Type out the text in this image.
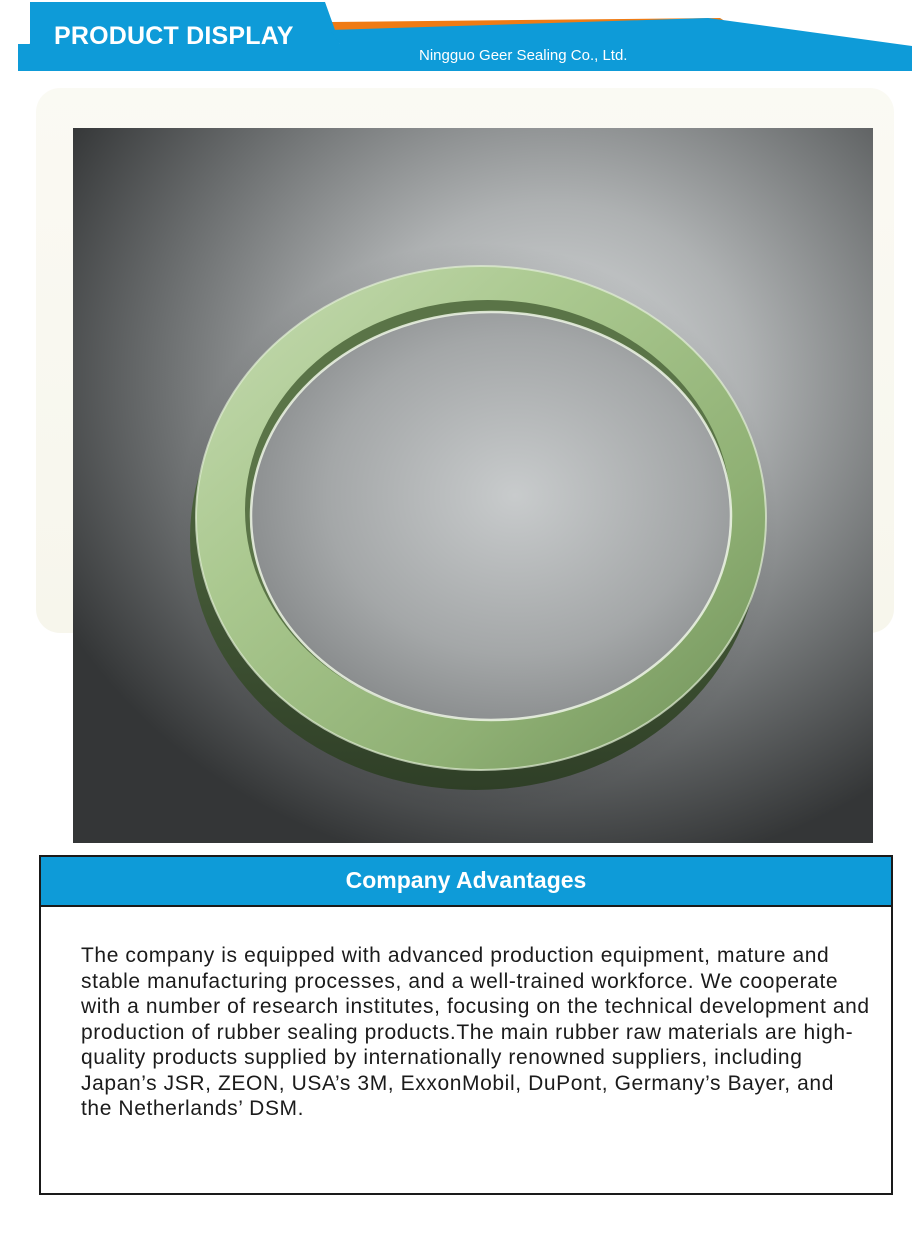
PRODUCT DISPLAY
Ningguo Geer Sealing Co., Ltd.
Company Advantages
The company is equipped with advanced production equipment, mature and stable manufacturing processes, and a well-trained workforce. We cooperate with a number of research institutes, focusing on the technical development and production of rubber sealing products.The main rubber raw materials are high-quality products supplied by internationally renowned suppliers, including Japan’s JSR, ZEON, USA’s 3M, ExxonMobil, DuPont, Germany’s Bayer, and the Netherlands’ DSM.
